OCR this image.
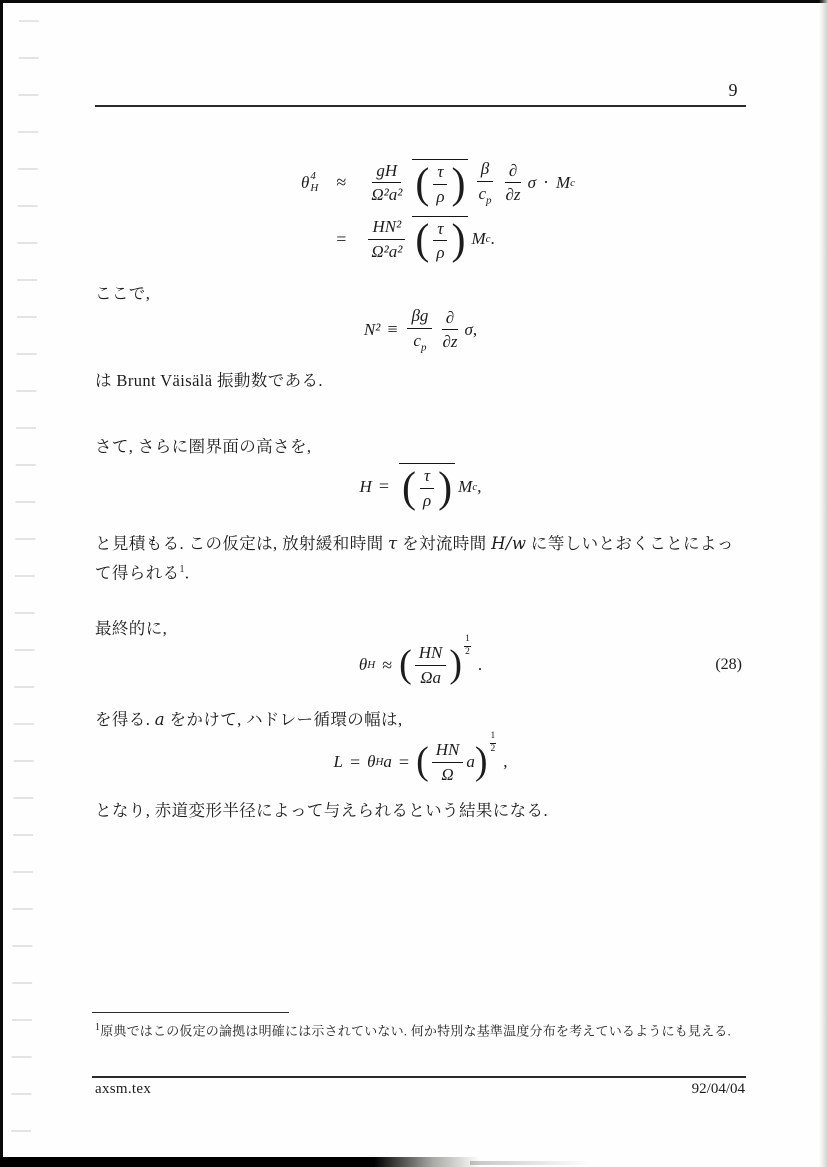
9
θ 4
H	≈	$\frac{gH}{\text{Ω²a²}}$ ( $\frac{\tau}{\rho}$ ) $\frac{\beta}{c_p} \frac{\partial}{\partial z}$ σ · M c
=	$\frac{\text{HN²}}{\text{Ω²a²}}$ ( $\frac{\tau}{\rho}$ ) M c .
ここで,
$N^2 \equiv \frac{\beta g}{c_p} \frac{\partial}{\partial z}$ σ ,
は Brunt Väisälä 振動数である.
さて, さらに圏界面の高さを,
H = ( $\frac{\tau}{\rho}$ ) M c ,
と見積もる. この仮定は, 放射緩和時間 τ を対流時間 H/w に等しいとおくことによって得られる$^1$.
最終的に,
θ H ≈ ( $\frac{HN}{\Omega a}$ )
1
2
.	(28)
を得る. a をかけて, ハドレー循環の幅は,
L = θ H a = ( $\frac{HN}{\Omega}$ a )
1
2
,
となり, 赤道変形半径によって与えられるという結果になる.
$^1$原典ではこの仮定の論拠は明確には示されていない. 何か特別な基準温度分布を考えているようにも見える.
axsm.tex	92/04/04
